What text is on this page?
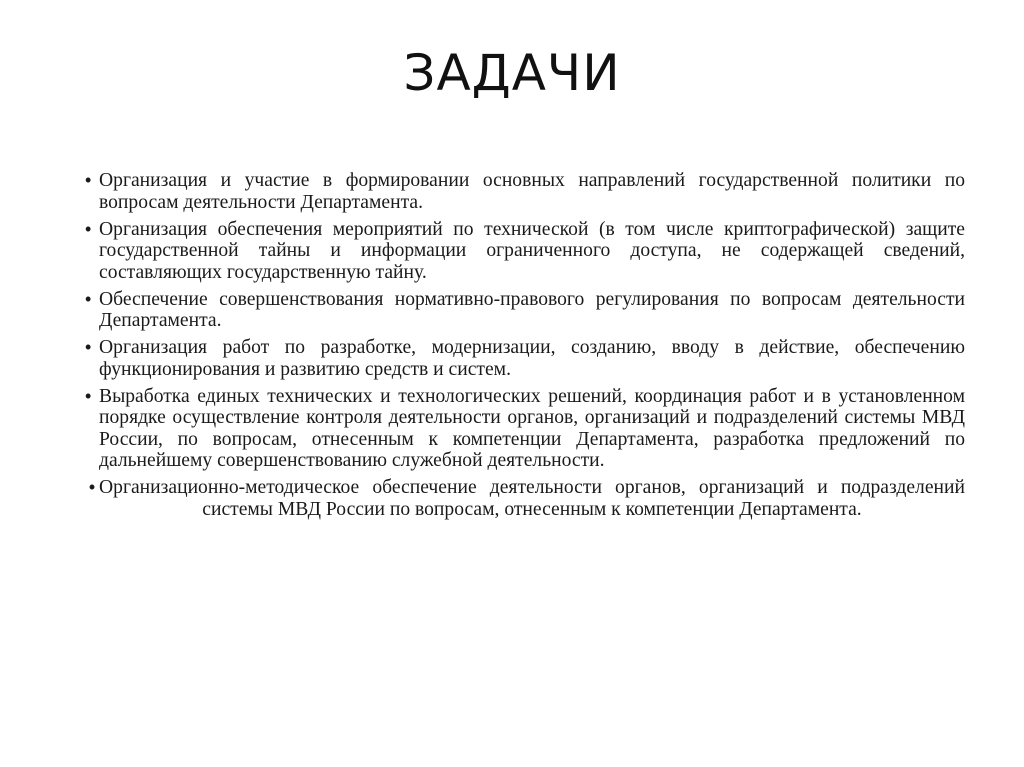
ЗАДАЧИ
• Организация и участие в формировании основных направлений государственной политики по вопросам деятельности Департамента.
• Организация обеспечения мероприятий по технической (в том числе криптографической) защите государственной тайны и информации ограниченного доступа, не содержащей сведений, составляющих государственную тайну.
• Обеспечение совершенствования нормативно-правового регулирования по вопросам деятельности Департамента.
• Организация работ по разработке, модернизации, созданию, вводу в действие, обеспечению функционирования и развитию средств и систем.
• Выработка единых технических и технологических решений, координация работ и в установленном порядке осуществление контроля деятельности органов, организаций и подразделений системы МВД России, по вопросам, отнесенным к компетенции Департамента, разработка предложений по дальнейшему совершенствованию служебной деятельности.
• Организационно-методическое обеспечение деятельности органов, организаций и подразделений системы МВД России по вопросам, отнесенным к компетенции Департамента.
